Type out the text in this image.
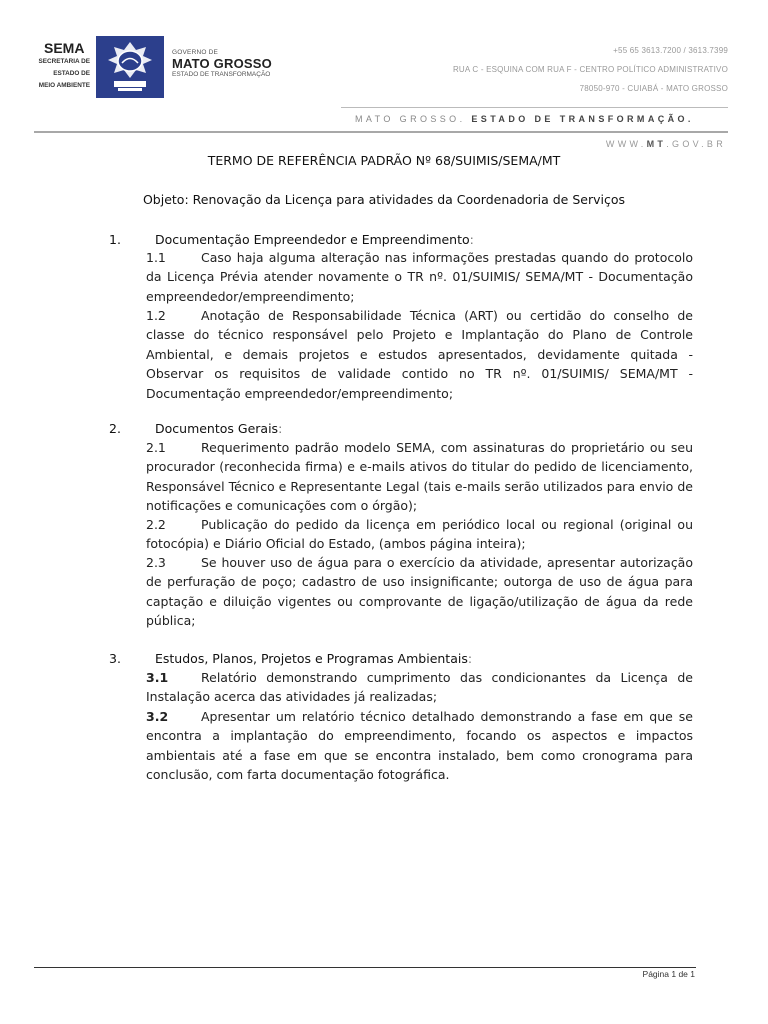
SEMA
SECRETARIA DE
ESTADO DE
MEIO AMBIENTE
GOVERNO DE
MATO GROSSO
ESTADO DE TRANSFORMAÇÃO
+55 65 3613.7200 / 3613.7399
RUA C - ESQUINA COM RUA F - CENTRO POLÍTICO ADMINISTRATIVO
78050-970 - CUIABÁ - MATO GROSSO
MATO GROSSO. ESTADO DE TRANSFORMAÇÃO.
WWW.MT.GOV.BR
TERMO DE REFERÊNCIA PADRÃO Nº 68/SUIMIS/SEMA/MT
Objeto: Renovação da Licença para atividades da Coordenadoria de Serviços
1.	Documentação Empreendedor e Empreendimento:
1.1	Caso haja alguma alteração nas informações prestadas quando do protocolo da Licença Prévia atender novamente o TR nº. 01/SUIMIS/ SEMA/MT - Documentação empreendedor/empreendimento;
1.2	Anotação de Responsabilidade Técnica (ART) ou certidão do conselho de classe do técnico responsável pelo Projeto e Implantação do Plano de Controle Ambiental, e demais projetos e estudos apresentados, devidamente quitada - Observar os requisitos de validade contido no TR nº. 01/SUIMIS/ SEMA/MT - Documentação empreendedor/empreendimento;
2.	Documentos Gerais:
2.1	Requerimento padrão modelo SEMA, com assinaturas do proprietário ou seu procurador (reconhecida firma) e e-mails ativos do titular do pedido de licenciamento, Responsável Técnico e Representante Legal (tais e-mails serão utilizados para envio de notificações e comunicações com o órgão);
2.2	Publicação do pedido da licença em periódico local ou regional (original ou fotocópia) e Diário Oficial do Estado, (ambos página inteira);
2.3	Se houver uso de água para o exercício da atividade, apresentar autorização de perfuração de poço; cadastro de uso insignificante; outorga de uso de água para captação e diluição vigentes ou comprovante de ligação/utilização de água da rede pública;
3.	Estudos, Planos, Projetos e Programas Ambientais:
3.1	Relatório demonstrando cumprimento das condicionantes da Licença de Instalação acerca das atividades já realizadas;
3.2	Apresentar um relatório técnico detalhado demonstrando a fase em que se encontra a implantação do empreendimento, focando os aspectos e impactos ambientais até a fase em que se encontra instalado, bem como cronograma para conclusão, com farta documentação fotográfica.
Página 1 de 1
